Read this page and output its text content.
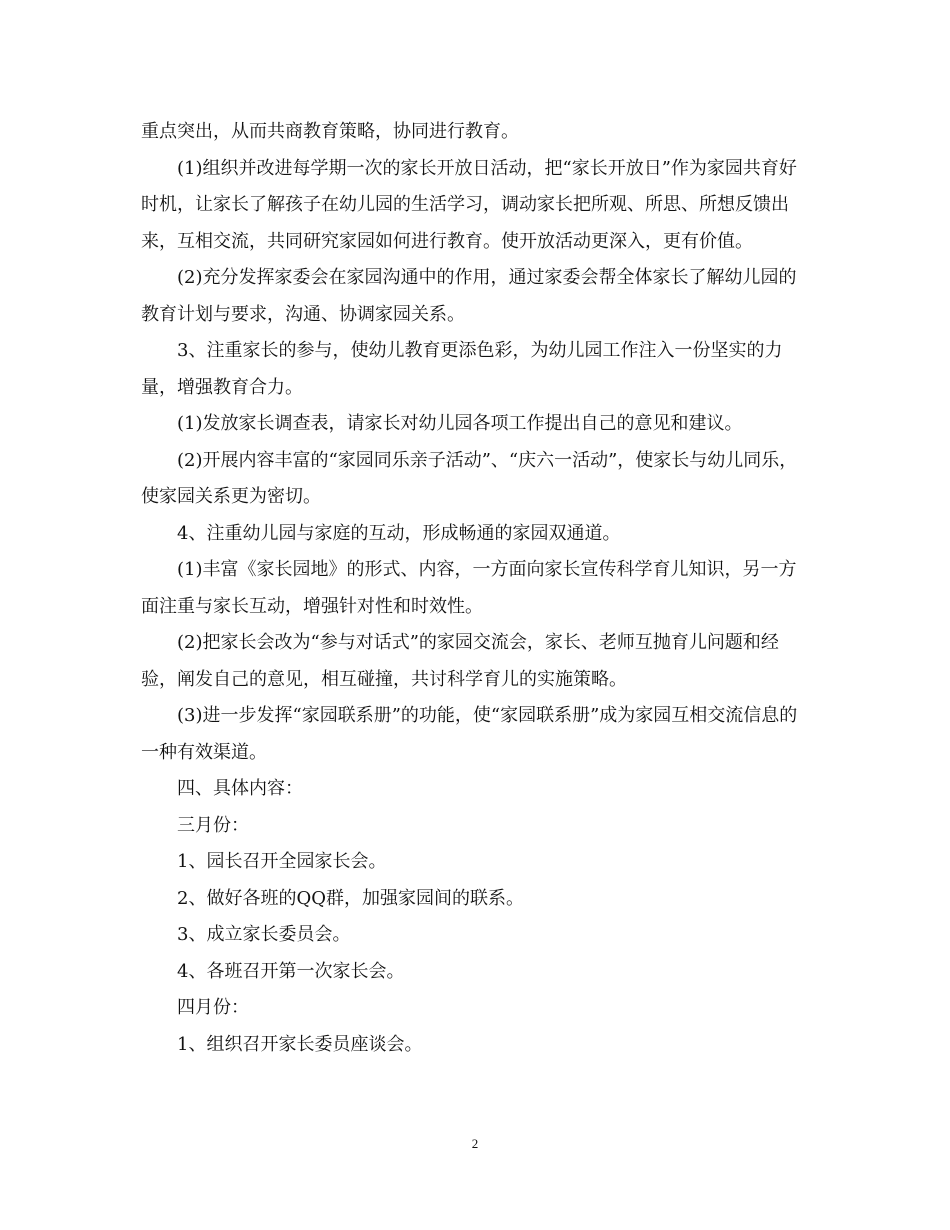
重点突出，从而共商教育策略，协同进行教育。

(1)组织并改进每学期一次的家长开放日活动，把“家长开放日”作为家园共育好时机，让家长了解孩子在幼儿园的生活学习，调动家长把所观、所思、所想反馈出来，互相交流，共同研究家园如何进行教育。使开放活动更深入，更有价值。

(2)充分发挥家委会在家园沟通中的作用，通过家委会帮全体家长了解幼儿园的教育计划与要求，沟通、协调家园关系。

3、注重家长的参与，使幼儿教育更添色彩，为幼儿园工作注入一份坚实的力量，增强教育合力。

(1)发放家长调查表，请家长对幼儿园各项工作提出自己的意见和建议。

(2)开展内容丰富的“家园同乐亲子活动”、“庆六一活动”，使家长与幼儿同乐，使家园关系更为密切。

4、注重幼儿园与家庭的互动，形成畅通的家园双通道。

(1)丰富《家长园地》的形式、内容，一方面向家长宣传科学育儿知识，另一方面注重与家长互动，增强针对性和时效性。

(2)把家长会改为“参与对话式”的家园交流会，家长、老师互抛育儿问题和经验，阐发自己的意见，相互碰撞，共讨科学育儿的实施策略。

(3)进一步发挥“家园联系册”的功能，使“家园联系册”成为家园互相交流信息的一种有效渠道。

四、具体内容：

三月份：

1、园长召开全园家长会。

2、做好各班的QQ群，加强家园间的联系。

3、成立家长委员会。

4、各班召开第一次家长会。

四月份：

1、组织召开家长委员座谈会。

2
